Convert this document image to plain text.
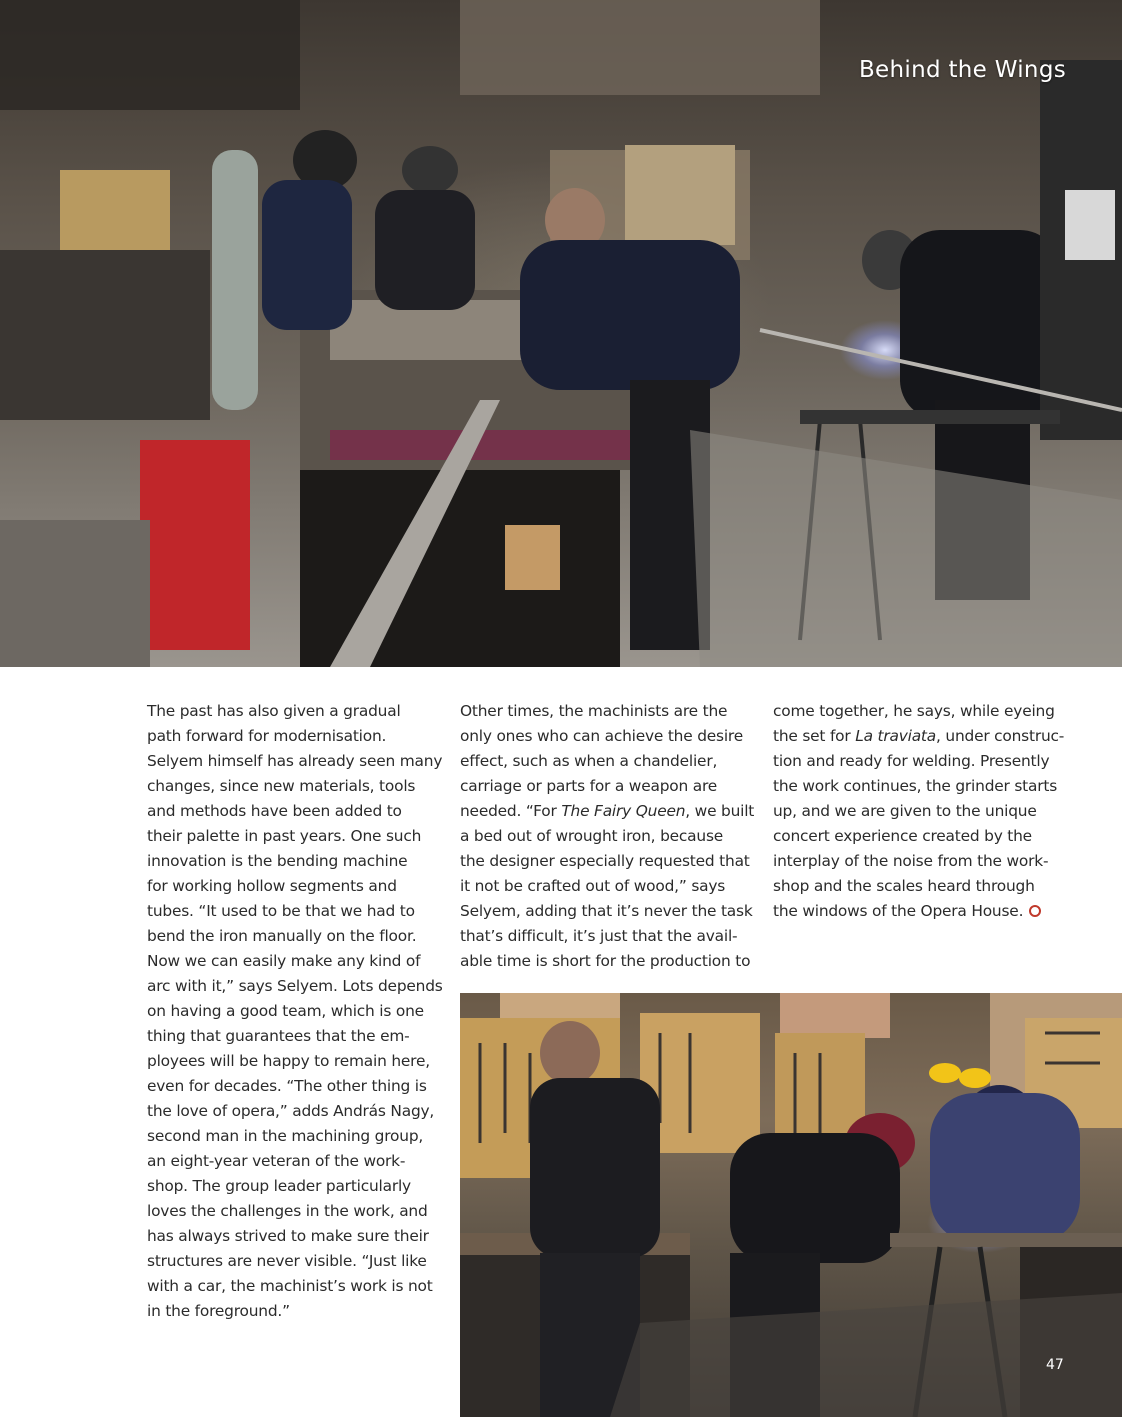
Behind the Wings
The past has also given a gradual
path forward for modernisation.
Selyem himself has already seen many
changes, since new materials, tools
and methods have been added to
their palette in past years. One such
innovation is the bending machine
for working hollow segments and
tubes. “It used to be that we had to
bend the iron manually on the floor.
Now we can easily make any kind of
arc with it,” says Selyem. Lots depends
on having a good team, which is one
thing that guarantees that the em-
ployees will be happy to remain here,
even for decades. “The other thing is
the love of opera,” adds András Nagy,
second man in the machining group,
an eight-year veteran of the work-
shop. The group leader particularly
loves the challenges in the work, and
has always strived to make sure their
structures are never visible. “Just like
with a car, the machinist’s work is not
in the foreground.”
Other times, the machinists are the
only ones who can achieve the desire
effect, such as when a chandelier,
carriage or parts for a weapon are
needed. “For The Fairy Queen, we built
a bed out of wrought iron, because
the designer especially requested that
it not be crafted out of wood,” says
Selyem, adding that it’s never the task
that’s difficult, it’s just that the avail-
able time is short for the production to
come together, he says, while eyeing
the set for La traviata, under construc-
tion and ready for welding. Presently
the work continues, the grinder starts
up, and we are given to the unique
concert experience created by the
interplay of the noise from the work-
shop and the scales heard through
the windows of the Opera House.
47
